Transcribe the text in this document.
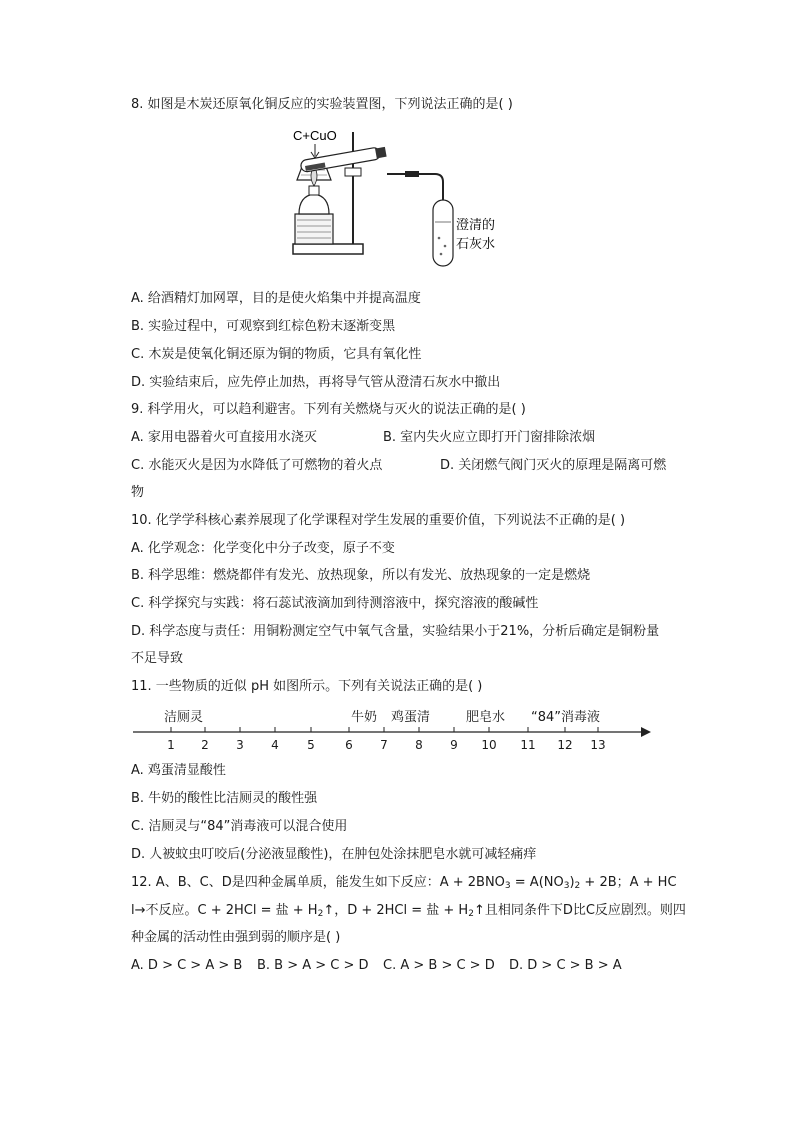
8. 如图是木炭还原氧化铜反应的实验装置图，下列说法正确的是( )
C+CuO
澄清的
石灰水
A. 给酒精灯加网罩，目的是使火焰集中并提高温度
B. 实验过程中，可观察到红棕色粉末逐渐变黑
C. 木炭是使氧化铜还原为铜的物质，它具有氧化性
D. 实验结束后，应先停止加热，再将导气管从澄清石灰水中撤出
9. 科学用火，可以趋利避害。下列有关燃烧与灭火的说法正确的是( )
A. 家用电器着火可直接用水浇灭	B. 室内失火应立即打开门窗排除浓烟
C. 水能灭火是因为水降低了可燃物的着火点	D. 关闭燃气阀门灭火的原理是隔离可燃
物
10. 化学学科核心素养展现了化学课程对学生发展的重要价值，下列说法不正确的是( )
A. 化学观念：化学变化中分子改变，原子不变
B. 科学思维：燃烧都伴有发光、放热现象，所以有发光、放热现象的一定是燃烧
C. 科学探究与实践：将石蕊试液滴加到待测溶液中，探究溶液的酸碱性
D. 科学态度与责任：用铜粉测定空气中氧气含量，实验结果小于21%，分析后确定是铜粉量
不足导致
11. 一些物质的近似 pH 如图所示。下列有关说法正确的是( )
洁厕灵	牛奶 鸡蛋清	肥皂水 “84”消毒液
1 2 3 4 5	6 7 8 9 10 11 12 13
A. 鸡蛋清显酸性
B. 牛奶的酸性比洁厕灵的酸性强
C. 洁厕灵与“84”消毒液可以混合使用
D. 人被蚊虫叮咬后(分泌液显酸性)，在肿包处涂抹肥皂水就可减轻痛痒
12. A、B、C、D是四种金属单质，能发生如下反应：$A + 2BNO_3 = A(NO_3)_2 + 2B$；A + HC
l→不反应。C + 2HCl = 盐 + $H_2↑$，D + 2HCl = 盐 + $H_2↑$且相同条件下D比C反应剧烈。则四
种金属的活动性由强到弱的顺序是( )
A. D > C > A > B B. B > A > C > D C. A > B > C > D D. D > C > B > A
